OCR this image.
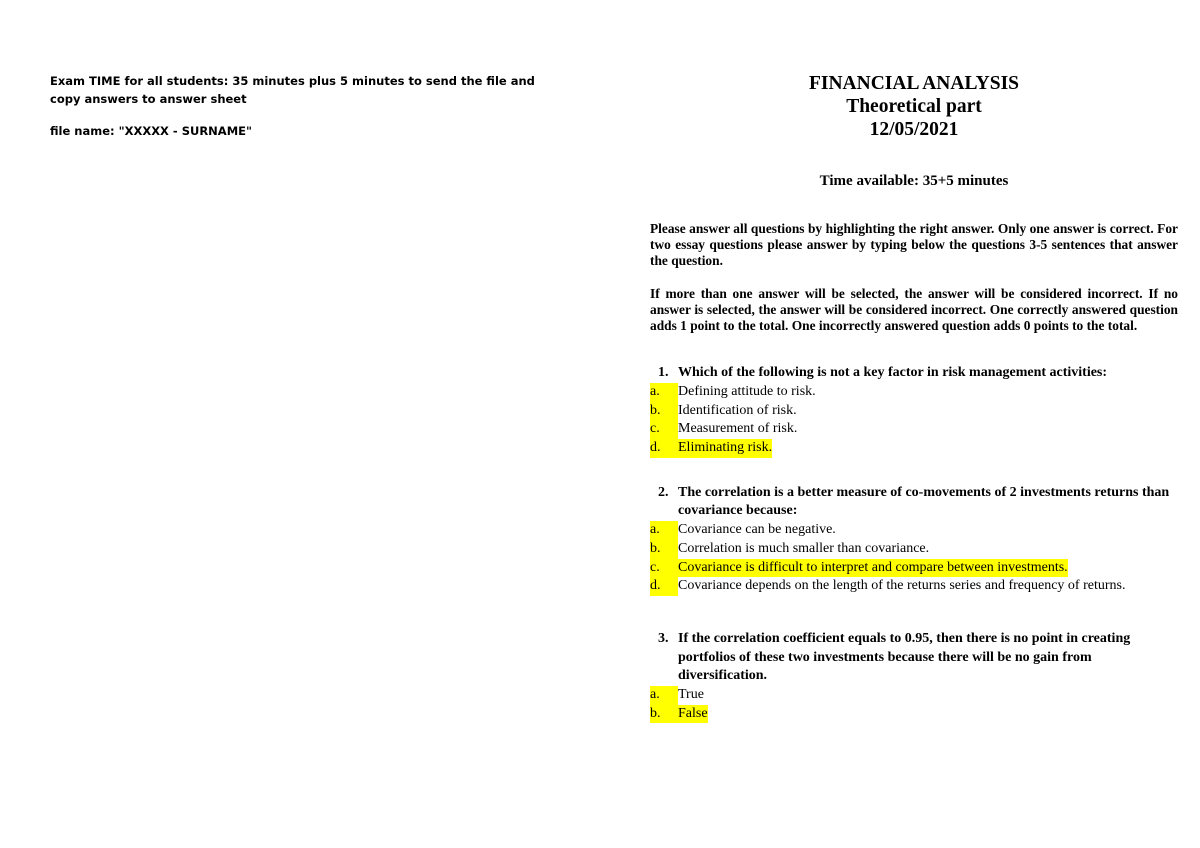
Exam TIME for all students: 35 minutes plus 5 minutes to send the file and
copy answers to answer sheet
file name: "XXXXX - SURNAME"
FINANCIAL ANALYSIS
Theoretical part
12/05/2021
Time available: 35+5 minutes

Please answer all questions by highlighting the right answer. Only one answer is correct. For two essay questions please answer by typing below the questions 3-5 sentences that answer the question.

If more than one answer will be selected, the answer will be considered incorrect. If no answer is selected, the answer will be considered incorrect. One correctly answered question adds 1 point to the total. One incorrectly answered question adds 0 points to the total.

1. Which of the following is not a key factor in risk management activities:
a.	Defining attitude to risk.
b.	Identification of risk.
c.	Measurement of risk.
d.	Eliminating risk.
2. The correlation is a better measure of co-movements of 2 investments returns than covariance because:
a.	Covariance can be negative.
b.	Correlation is much smaller than covariance.
c.	Covariance is difficult to interpret and compare between investments.
d.	Covariance depends on the length of the returns series and frequency of returns.
3. If the correlation coefficient equals to 0.95, then there is no point in creating portfolios of these two investments because there will be no gain from diversification.
a.	True
b.	False
